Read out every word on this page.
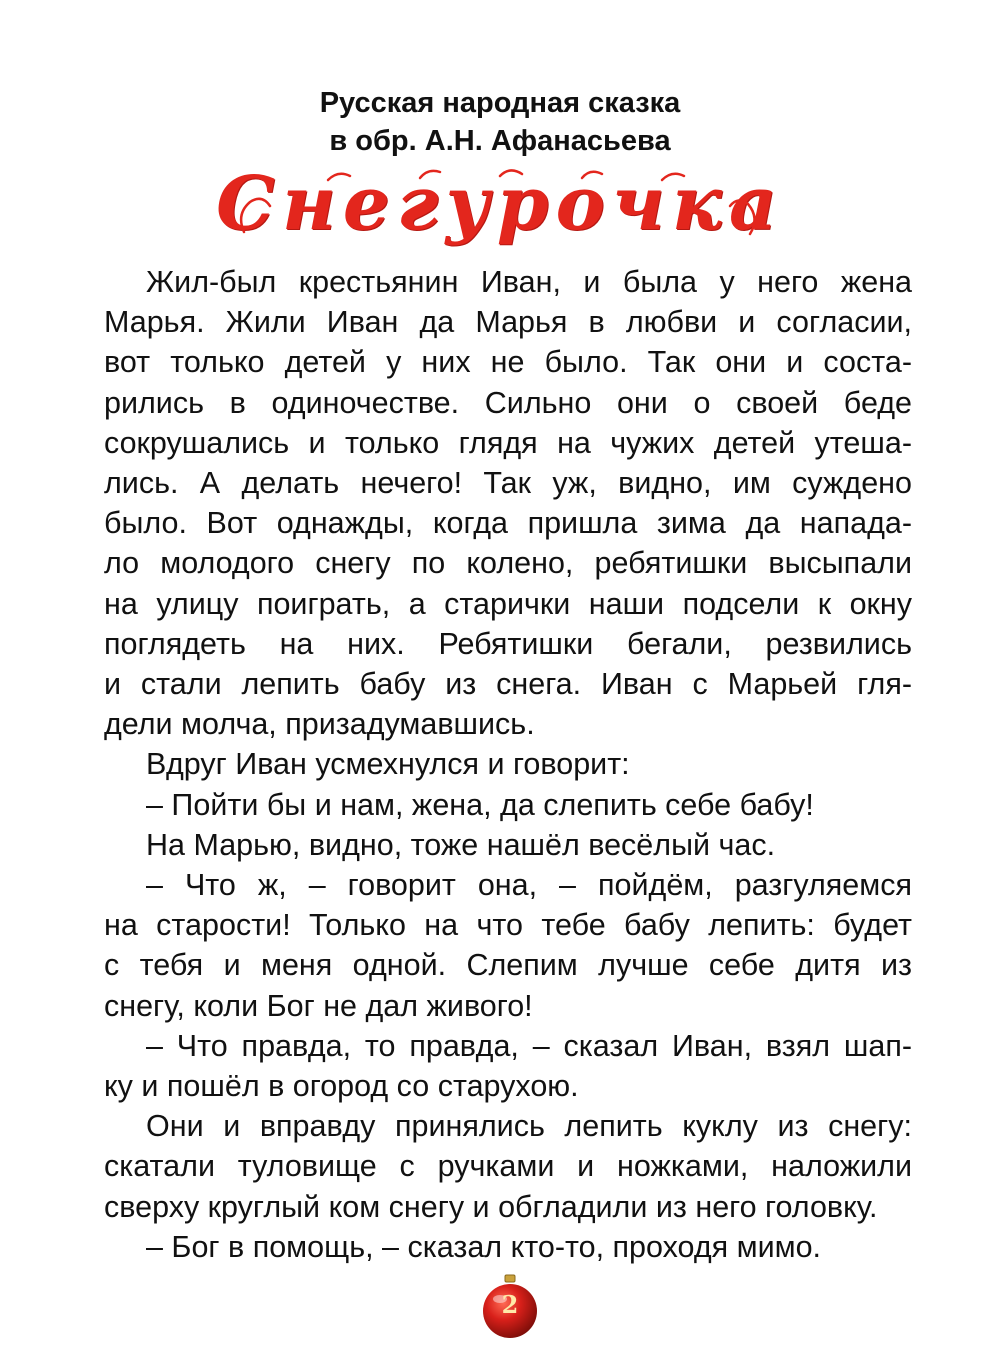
Русская народная сказка
в обр. А.Н. Афанасьева
Снегурочка
Жил-был крестьянин Иван, и была у него жена
Марья. Жили Иван да Марья в любви и согласии,
вот только детей у них не было. Так они и соста-
рились в одиночестве. Сильно они о своей беде
сокрушались и только глядя на чужих детей утеша-
лись. А делать нечего! Так уж, видно, им суждено
было. Вот однажды, когда пришла зима да напада-
ло молодого снегу по колено, ребятишки высыпали
на улицу поиграть, а старички наши подсели к окну
поглядеть на них. Ребятишки бегали, резвились
и стали лепить бабу из снега. Иван с Марьей гля-
дели молча, призадумавшись.
Вдруг Иван усмехнулся и говорит:
– Пойти бы и нам, жена, да слепить себе бабу!
На Марью, видно, тоже нашёл весёлый час.
– Что ж, – говорит она, – пойдём, разгуляемся
на старости! Только на что тебе бабу лепить: будет
с тебя и меня одной. Слепим лучше себе дитя из
снегу, коли Бог не дал живого!
– Что правда, то правда, – сказал Иван, взял шап-
ку и пошёл в огород со старухою.
Они и вправду принялись лепить куклу из снегу:
скатали туловище с ручками и ножками, наложили
сверху круглый ком снегу и обгладили из него головку.
– Бог в помощь, – сказал кто-то, проходя мимо.
2
